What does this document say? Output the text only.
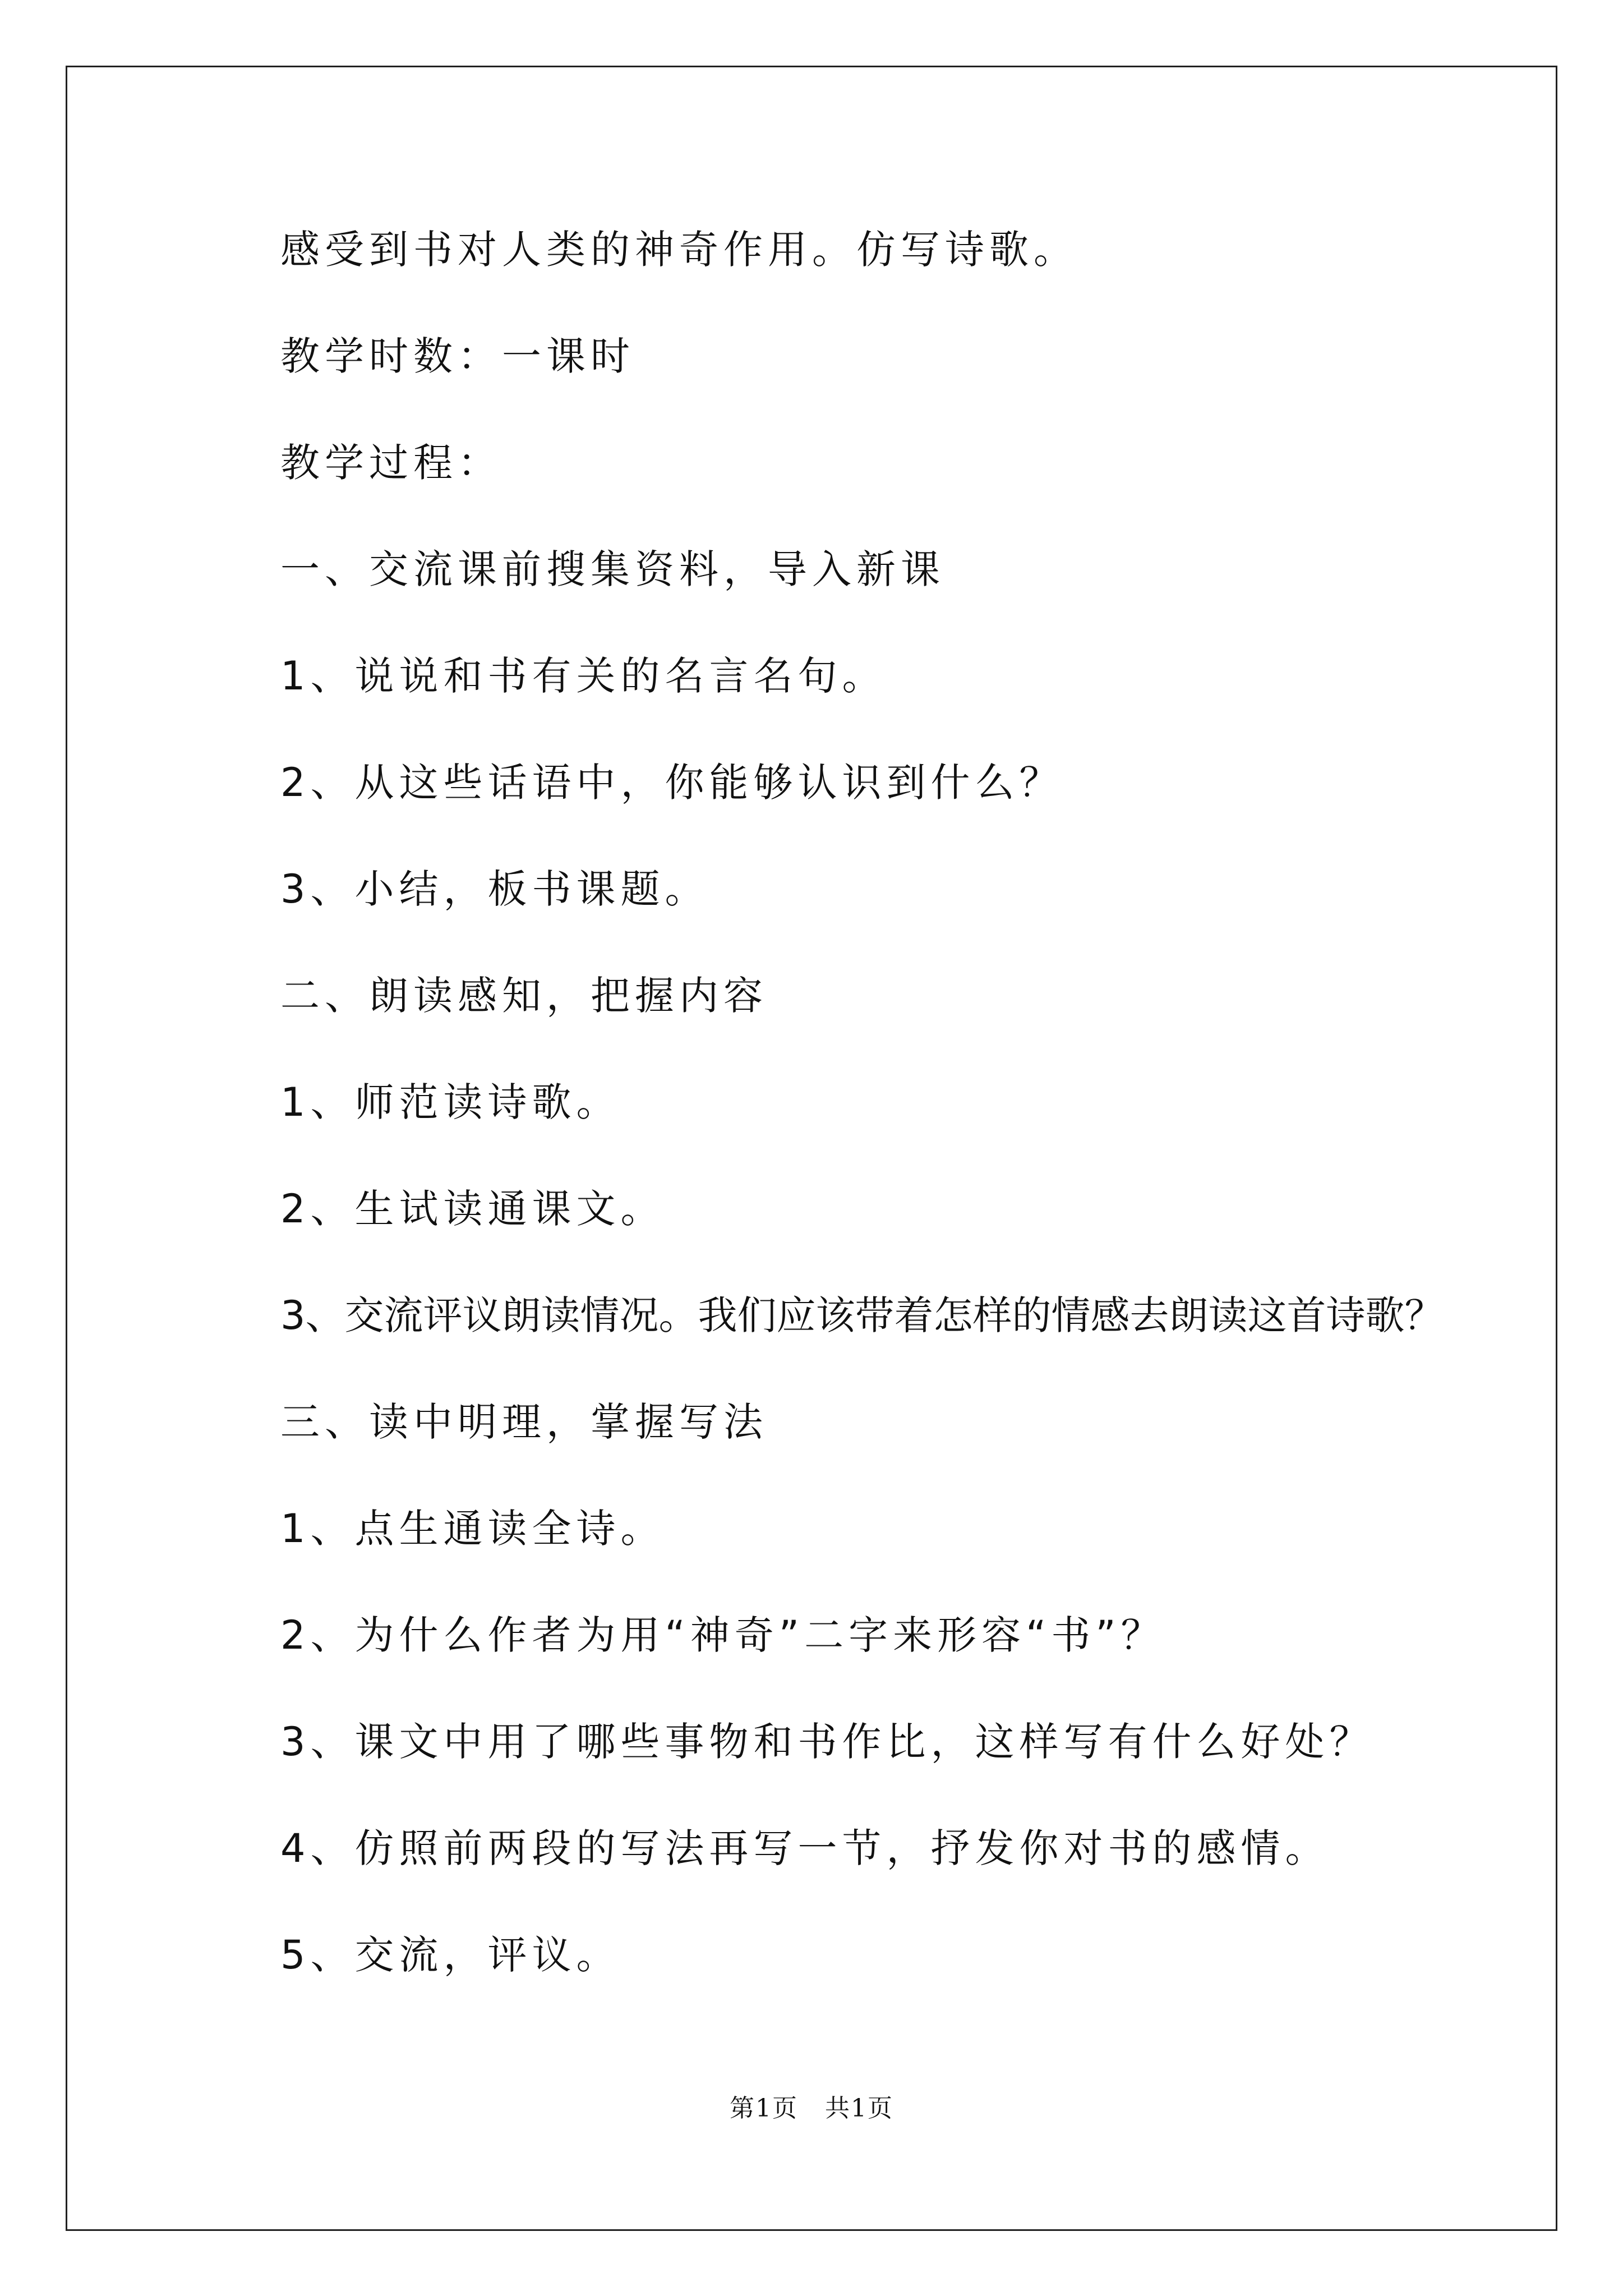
感受到书对人类的神奇作用。仿写诗歌。
教学时数：一课时
教学过程：
一、交流课前搜集资料，导入新课
1、说说和书有关的名言名句。
2、从这些话语中，你能够认识到什么？
3、小结，板书课题。
二、朗读感知，把握内容
1、师范读诗歌。
2、生试读通课文。
3、交流评议朗读情况。我们应该带着怎样的情感去朗读这首诗歌？
三、读中明理，掌握写法
1、点生通读全诗。
2、为什么作者为用“神奇”二字来形容“书”？
3、课文中用了哪些事物和书作比，这样写有什么好处？
4、仿照前两段的写法再写一节，抒发你对书的感情。
5、交流，评议。
第1页   共1页
